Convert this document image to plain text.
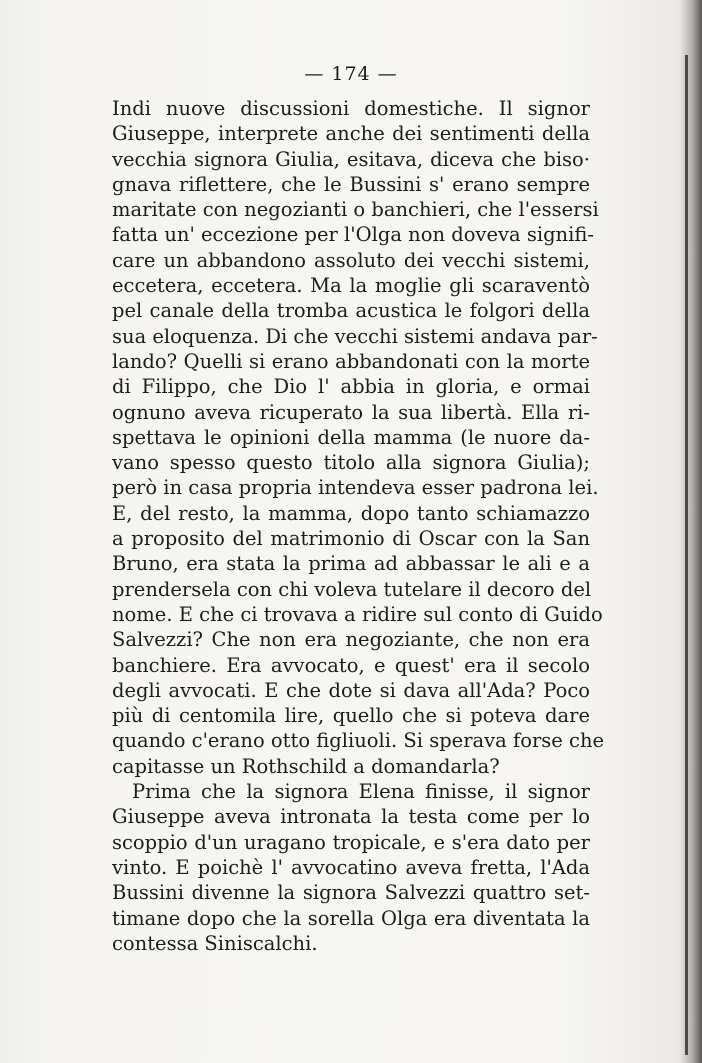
— 174 —
Indi nuove discussioni domestiche. Il signor
Giuseppe, interprete anche dei sentimenti della
vecchia signora Giulia, esitava, diceva che biso·
gnava riflettere, che le Bussini s' erano sempre
maritate con negozianti o banchieri, che l'essersi
fatta un' eccezione per l'Olga non doveva signifi-
care un abbandono assoluto dei vecchi sistemi,
eccetera, eccetera. Ma la moglie gli scaraventò
pel canale della tromba acustica le folgori della
sua eloquenza. Di che vecchi sistemi andava par-
lando? Quelli si erano abbandonati con la morte
di Filippo, che Dio l' abbia in gloria, e ormai
ognuno aveva ricuperato la sua libertà. Ella ri-
spettava le opinioni della mamma (le nuore da-
vano spesso questo titolo alla signora Giulia);
però in casa propria intendeva esser padrona lei.
E, del resto, la mamma, dopo tanto schiamazzo
a proposito del matrimonio di Oscar con la San
Bruno, era stata la prima ad abbassar le ali e a
prendersela con chi voleva tutelare il decoro del
nome. E che ci trovava a ridire sul conto di Guido
Salvezzi? Che non era negoziante, che non era
banchiere. Era avvocato, e quest' era il secolo
degli avvocati. E che dote si dava all'Ada? Poco
più di centomila lire, quello che si poteva dare
quando c'erano otto figliuoli. Si sperava forse che
capitasse un Rothschild a domandarla?
Prima che la signora Elena finisse, il signor
Giuseppe aveva intronata la testa come per lo
scoppio d'un uragano tropicale, e s'era dato per
vinto. E poichè l' avvocatino aveva fretta, l'Ada
Bussini divenne la signora Salvezzi quattro set-
timane dopo che la sorella Olga era diventata la
contessa Siniscalchi.
